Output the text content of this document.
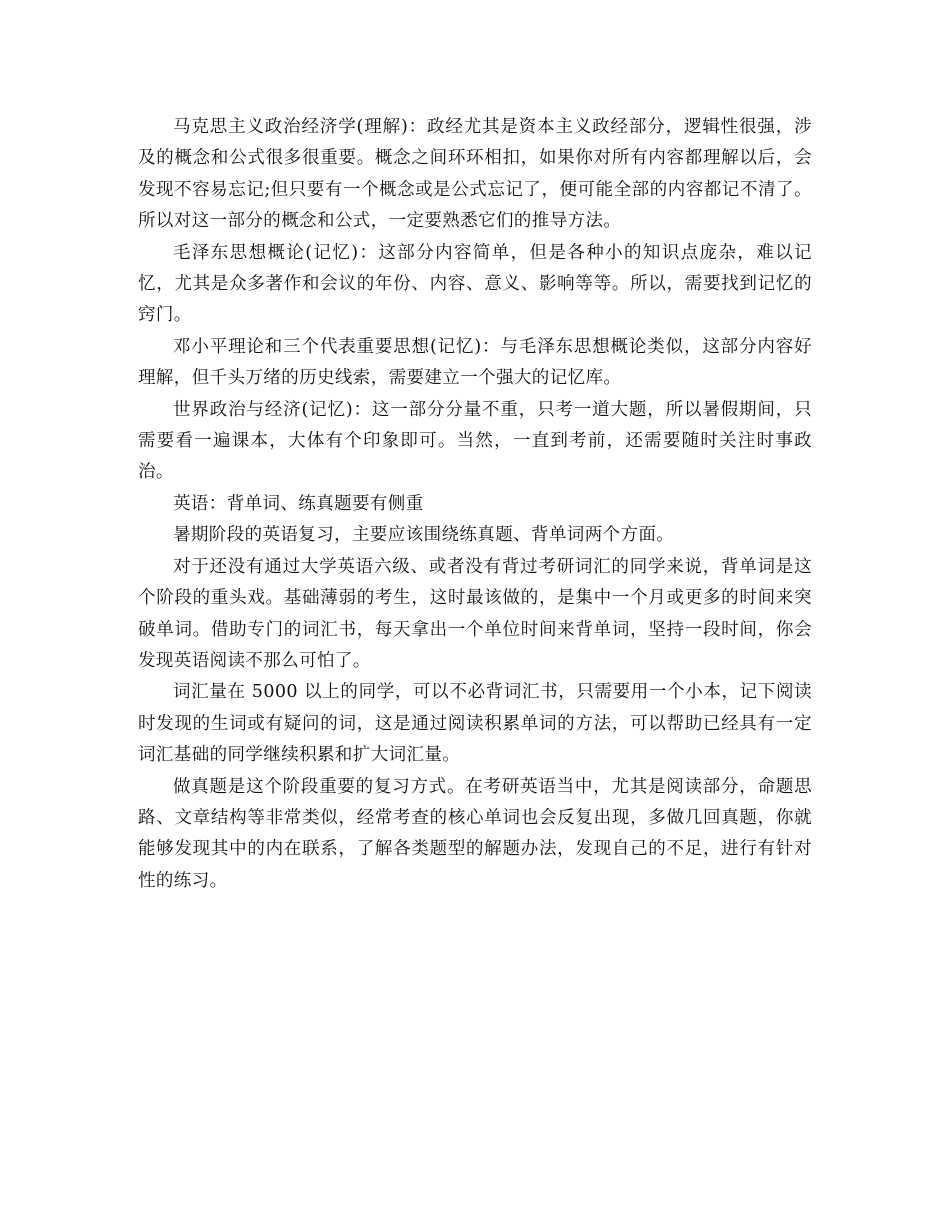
马克思主义政治经济学(理解)：政经尤其是资本主义政经部分，逻辑性很强，涉及的概念和公式很多很重要。概念之间环环相扣，如果你对所有内容都理解以后，会发现不容易忘记;但只要有一个概念或是公式忘记了，便可能全部的内容都记不清了。所以对这一部分的概念和公式，一定要熟悉它们的推导方法。

毛泽东思想概论(记忆)：这部分内容简单，但是各种小的知识点庞杂，难以记忆，尤其是众多著作和会议的年份、内容、意义、影响等等。所以，需要找到记忆的窍门。

邓小平理论和三个代表重要思想(记忆)：与毛泽东思想概论类似，这部分内容好理解，但千头万绪的历史线索，需要建立一个强大的记忆库。

世界政治与经济(记忆)：这一部分分量不重，只考一道大题，所以暑假期间，只需要看一遍课本，大体有个印象即可。当然，一直到考前，还需要随时关注时事政治。

英语：背单词、练真题要有侧重

暑期阶段的英语复习，主要应该围绕练真题、背单词两个方面。

对于还没有通过大学英语六级、或者没有背过考研词汇的同学来说，背单词是这个阶段的重头戏。基础薄弱的考生，这时最该做的，是集中一个月或更多的时间来突破单词。借助专门的词汇书，每天拿出一个单位时间来背单词，坚持一段时间，你会发现英语阅读不那么可怕了。

词汇量在 5000 以上的同学，可以不必背词汇书，只需要用一个小本，记下阅读时发现的生词或有疑问的词，这是通过阅读积累单词的方法，可以帮助已经具有一定词汇基础的同学继续积累和扩大词汇量。

做真题是这个阶段重要的复习方式。在考研英语当中，尤其是阅读部分，命题思路、文章结构等非常类似，经常考查的核心单词也会反复出现，多做几回真题，你就能够发现其中的内在联系，了解各类题型的解题办法，发现自己的不足，进行有针对性的练习。
